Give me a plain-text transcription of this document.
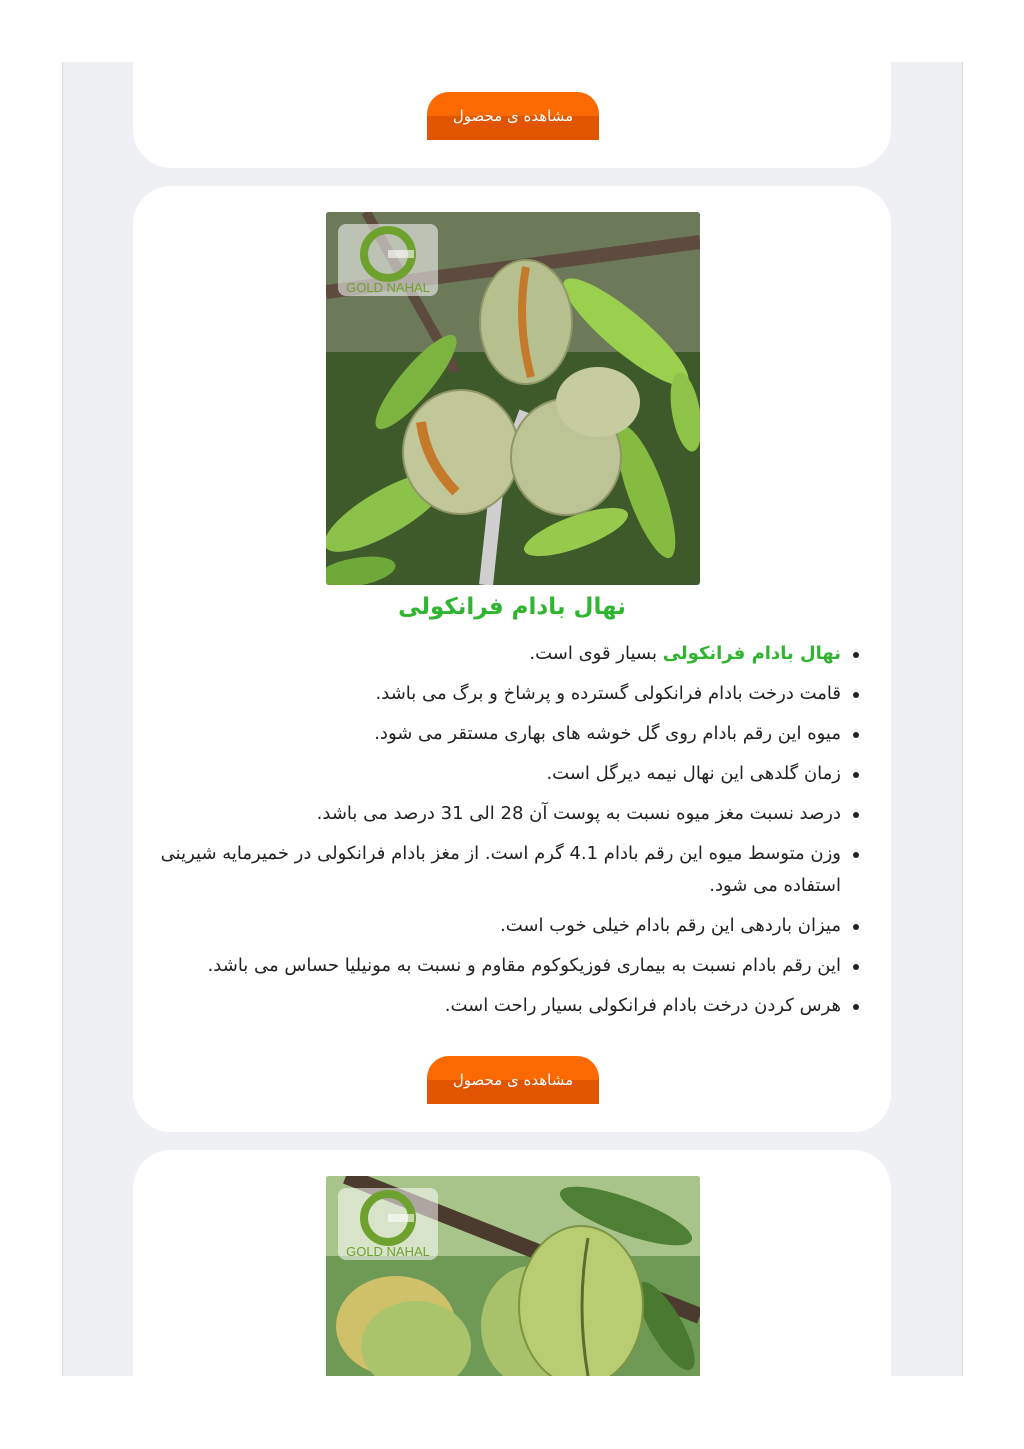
مشاهده ی محصول
GOLD NAHAL
نهال بادام فرانکولی
نهال بادام فرانکولی بسیار قوی است.
قامت درخت بادام فرانکولی گسترده و پرشاخ و برگ می باشد.
میوه این رقم بادام روی گل خوشه های بهاری مستقر می شود.
زمان گلدهی این نهال نیمه دیرگل است.
درصد نسبت مغز میوه نسبت به پوست آن 28 الی 31 درصد می باشد.
وزن متوسط میوه این رقم بادام 4.1 گرم است. از مغز بادام فرانکولی در خمیرمایه شیرینی استفاده می شود.
میزان باردهی این رقم بادام خیلی خوب است.
این رقم بادام نسبت به بیماری فوزیکوکوم مقاوم و نسبت به مونیلیا حساس می باشد.
هرس کردن درخت بادام فرانکولی بسیار راحت است.
مشاهده ی محصول
GOLD NAHAL
